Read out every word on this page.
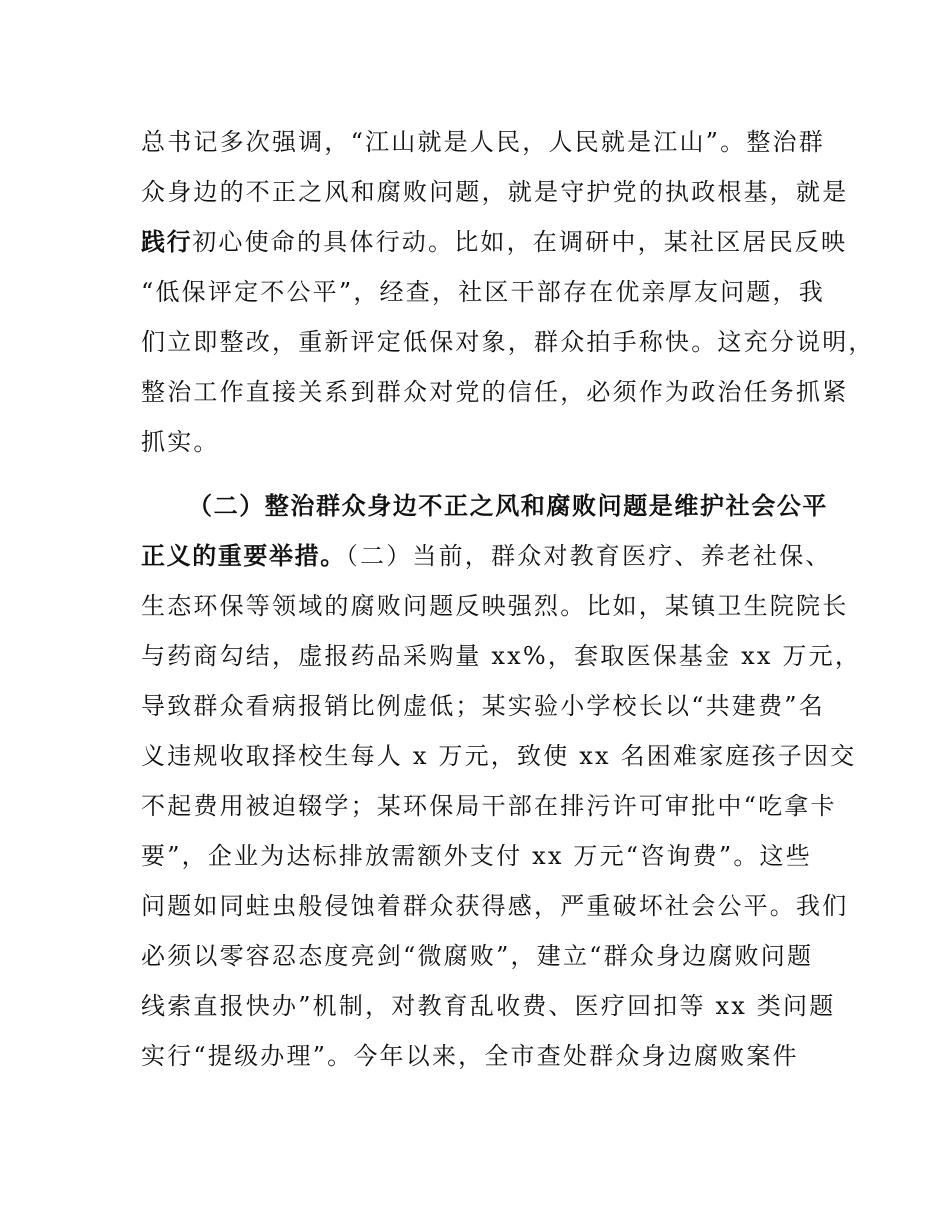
总书记多次强调，“江山就是人民，人民就是江山”。整治群
众身边的不正之风和腐败问题，就是守护党的执政根基，就是
践行初心使命的具体行动。比如，在调研中，某社区居民反映
“低保评定不公平”，经查，社区干部存在优亲厚友问题，我
们立即整改，重新评定低保对象，群众拍手称快。这充分说明，
整治工作直接关系到群众对党的信任，必须作为政治任务抓紧
抓实。
（二）整治群众身边不正之风和腐败问题是维护社会公平
正义的重要举措。（二）当前，群众对教育医疗、养老社保、
生态环保等领域的腐败问题反映强烈。比如，某镇卫生院院长
与药商勾结，虚报药品采购量 xx%，套取医保基金 xx 万元，
导致群众看病报销比例虚低；某实验小学校长以“共建费”名
义违规收取择校生每人 x 万元，致使 xx 名困难家庭孩子因交
不起费用被迫辍学；某环保局干部在排污许可审批中“吃拿卡
要”，企业为达标排放需额外支付 xx 万元“咨询费”。这些
问题如同蛀虫般侵蚀着群众获得感，严重破坏社会公平。我们
必须以零容忍态度亮剑“微腐败”，建立“群众身边腐败问题
线索直报快办”机制，对教育乱收费、医疗回扣等 xx 类问题
实行“提级办理”。今年以来，全市查处群众身边腐败案件
